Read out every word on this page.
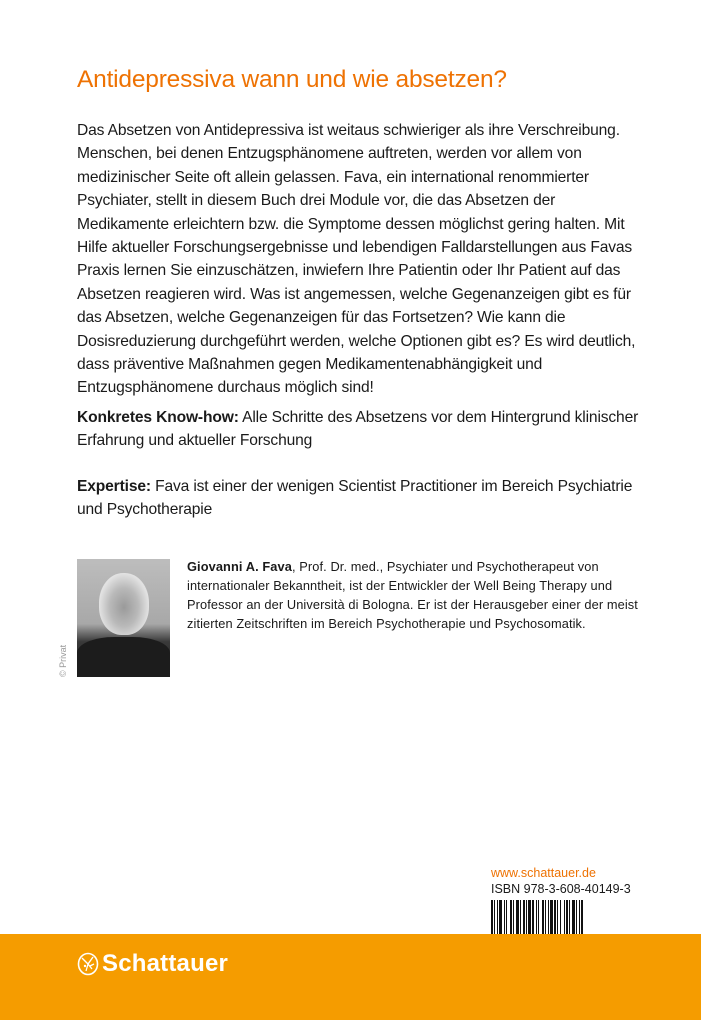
Antidepressiva wann und wie absetzen?

Das Absetzen von Antidepressiva ist weitaus schwieriger als ihre Verschreibung. Menschen, bei denen Entzugsphänomene auftreten, werden vor allem von medizinischer Seite oft allein gelassen. Fava, ein international renommierter Psychiater, stellt in diesem Buch drei Module vor, die das Absetzen der Medikamente erleichtern bzw. die Symptome dessen möglichst gering halten. Mit Hilfe aktueller Forschungsergebnisse und lebendigen Falldarstellungen aus Favas Praxis lernen Sie einzuschätzen, inwiefern Ihre Patientin oder Ihr Patient auf das Absetzen reagieren wird. Was ist angemessen, welche Gegenanzeigen gibt es für das Absetzen, welche Gegenanzeigen für das Fortsetzen? Wie kann die Dosisreduzierung durchgeführt werden, welche Optionen gibt es? Es wird deutlich, dass präventive Maßnahmen gegen Medikamentenabhängigkeit und Entzugsphänomene durchaus möglich sind!

Konkretes Know-how: Alle Schritte des Absetzens vor dem Hintergrund klinischer Erfahrung und aktueller Forschung

Expertise: Fava ist einer der wenigen Scientist Practitioner im Bereich Psychiatrie und Psychotherapie

© Privat

Giovanni A. Fava, Prof. Dr. med., Psychiater und Psychotherapeut von internationaler Bekanntheit, ist der Entwickler der Well Being Therapy und Professor an der Università di Bologna. Er ist der Herausgeber einer der meist zitierten Zeitschriften im Bereich Psychotherapie und Psychosomatik.

www.schattauer.de
ISBN 978-3-608-40149-3
Schattauer
